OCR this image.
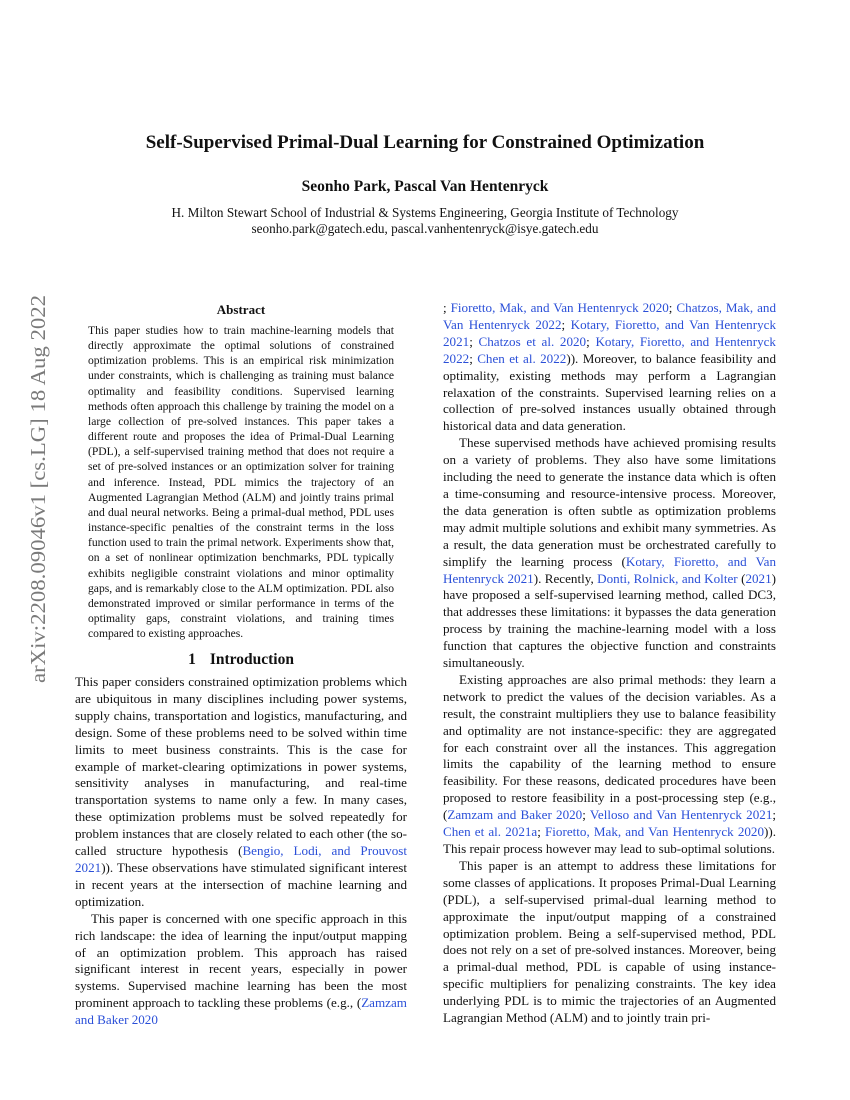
arXiv:2208.09046v1 [cs.LG] 18 Aug 2022
Self-Supervised Primal-Dual Learning for Constrained Optimization
Seonho Park, Pascal Van Hentenryck
H. Milton Stewart School of Industrial & Systems Engineering, Georgia Institute of Technology
seonho.park@gatech.edu, pascal.vanhentenryck@isye.gatech.edu
Abstract
This paper studies how to train machine-learning models that directly approximate the optimal solutions of constrained optimization problems. This is an empirical risk minimization under constraints, which is challenging as training must balance optimality and feasibility conditions. Supervised learning methods often approach this challenge by training the model on a large collection of pre-solved instances. This paper takes a different route and proposes the idea of Primal-Dual Learning (PDL), a self-supervised training method that does not require a set of pre-solved instances or an optimization solver for training and inference. Instead, PDL mimics the trajectory of an Augmented Lagrangian Method (ALM) and jointly trains primal and dual neural networks. Being a primal-dual method, PDL uses instance-specific penalties of the constraint terms in the loss function used to train the primal network. Experiments show that, on a set of nonlinear optimization benchmarks, PDL typically exhibits negligible constraint violations and minor optimality gaps, and is remarkably close to the ALM optimization. PDL also demonstrated improved or similar performance in terms of the optimality gaps, constraint violations, and training times compared to existing approaches.
1 Introduction

This paper considers constrained optimization problems which are ubiquitous in many disciplines including power systems, supply chains, transportation and logistics, manufacturing, and design. Some of these problems need to be solved within time limits to meet business constraints. This is the case for example of market-clearing optimizations in power systems, sensitivity analyses in manufacturing, and real-time transportation systems to name only a few. In many cases, these optimization problems must be solved repeatedly for problem instances that are closely related to each other (the so-called structure hypothesis (Bengio, Lodi, and Prouvost 2021)). These observations have stimulated significant interest in recent years at the intersection of machine learning and optimization.

This paper is concerned with one specific approach in this rich landscape: the idea of learning the input/output mapping of an optimization problem. This approach has raised significant interest in recent years, especially in power systems. Supervised machine learning has been the most prominent approach to tackling these problems (e.g., (Zamzam and Baker 2020

; Fioretto, Mak, and Van Hentenryck 2020; Chatzos, Mak, and Van Hentenryck 2022; Kotary, Fioretto, and Van Hentenryck 2021; Chatzos et al. 2020; Kotary, Fioretto, and Hentenryck 2022; Chen et al. 2022)). Moreover, to balance feasibility and optimality, existing methods may perform a Lagrangian relaxation of the constraints. Supervised learning relies on a collection of pre-solved instances usually obtained through historical data and data generation.

These supervised methods have achieved promising results on a variety of problems. They also have some limitations including the need to generate the instance data which is often a time-consuming and resource-intensive process. Moreover, the data generation is often subtle as optimization problems may admit multiple solutions and exhibit many symmetries. As a result, the data generation must be orchestrated carefully to simplify the learning process (Kotary, Fioretto, and Van Hentenryck 2021). Recently, Donti, Rolnick, and Kolter (2021) have proposed a self-supervised learning method, called DC3, that addresses these limitations: it bypasses the data generation process by training the machine-learning model with a loss function that captures the objective function and constraints simultaneously.

Existing approaches are also primal methods: they learn a network to predict the values of the decision variables. As a result, the constraint multipliers they use to balance feasibility and optimality are not instance-specific: they are aggregated for each constraint over all the instances. This aggregation limits the capability of the learning method to ensure feasibility. For these reasons, dedicated procedures have been proposed to restore feasibility in a post-processing step (e.g., (Zamzam and Baker 2020; Velloso and Van Hentenryck 2021; Chen et al. 2021a; Fioretto, Mak, and Van Hentenryck 2020)). This repair process however may lead to sub-optimal solutions.

This paper is an attempt to address these limitations for some classes of applications. It proposes Primal-Dual Learning (PDL), a self-supervised primal-dual learning method to approximate the input/output mapping of a constrained optimization problem. Being a self-supervised method, PDL does not rely on a set of pre-solved instances. Moreover, being a primal-dual method, PDL is capable of using instance-specific multipliers for penalizing constraints. The key idea underlying PDL is to mimic the trajectories of an Augmented Lagrangian Method (ALM) and to jointly train pri-
